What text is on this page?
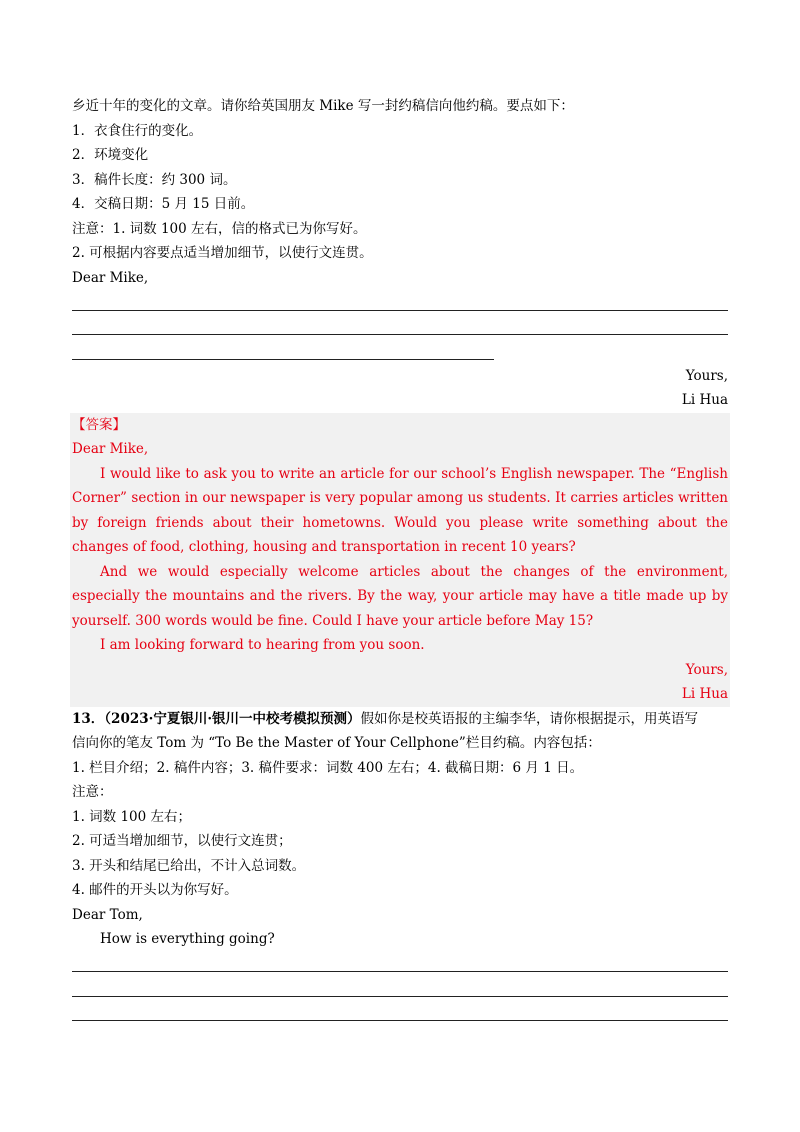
乡近十年的变化的文章。请你给英国朋友 Mike 写一封约稿信向他约稿。要点如下：
1．衣食住行的变化。
2．环境变化
3．稿件长度：约 300 词。
4．交稿日期：5 月 15 日前。
注意：1. 词数 100 左右，信的格式已为你写好。
2. 可根据内容要点适当增加细节，以使行文连贯。
Dear Mike,
Yours,
Li Hua
【答案】
Dear Mike,
I would like to ask you to write an article for our school’s English newspaper. The “English Corner” section in our newspaper is very popular among us students. It carries articles written by foreign friends about their hometowns. Would you please write something about the changes of food, clothing, housing and transportation in recent 10 years?
And we would especially welcome articles about the changes of the environment, especially the mountains and the rivers. By the way, your article may have a title made up by yourself. 300 words would be fine. Could I have your article before May 15?
I am looking forward to hearing from you soon.
Yours,
Li Hua
13．（2023·宁夏银川·银川一中校考模拟预测）假如你是校英语报的主编李华，请你根据提示，用英语写
信向你的笔友 Tom 为 “To Be the Master of Your Cellphone”栏目约稿。内容包括：
1. 栏目介绍；2. 稿件内容；3. 稿件要求：词数 400 左右；4. 截稿日期：6 月 1 日。
注意：
1. 词数 100 左右；
2. 可适当增加细节，以使行文连贯；
3. 开头和结尾已给出，不计入总词数。
4. 邮件的开头以为你写好。
Dear Tom,
How is everything going?
